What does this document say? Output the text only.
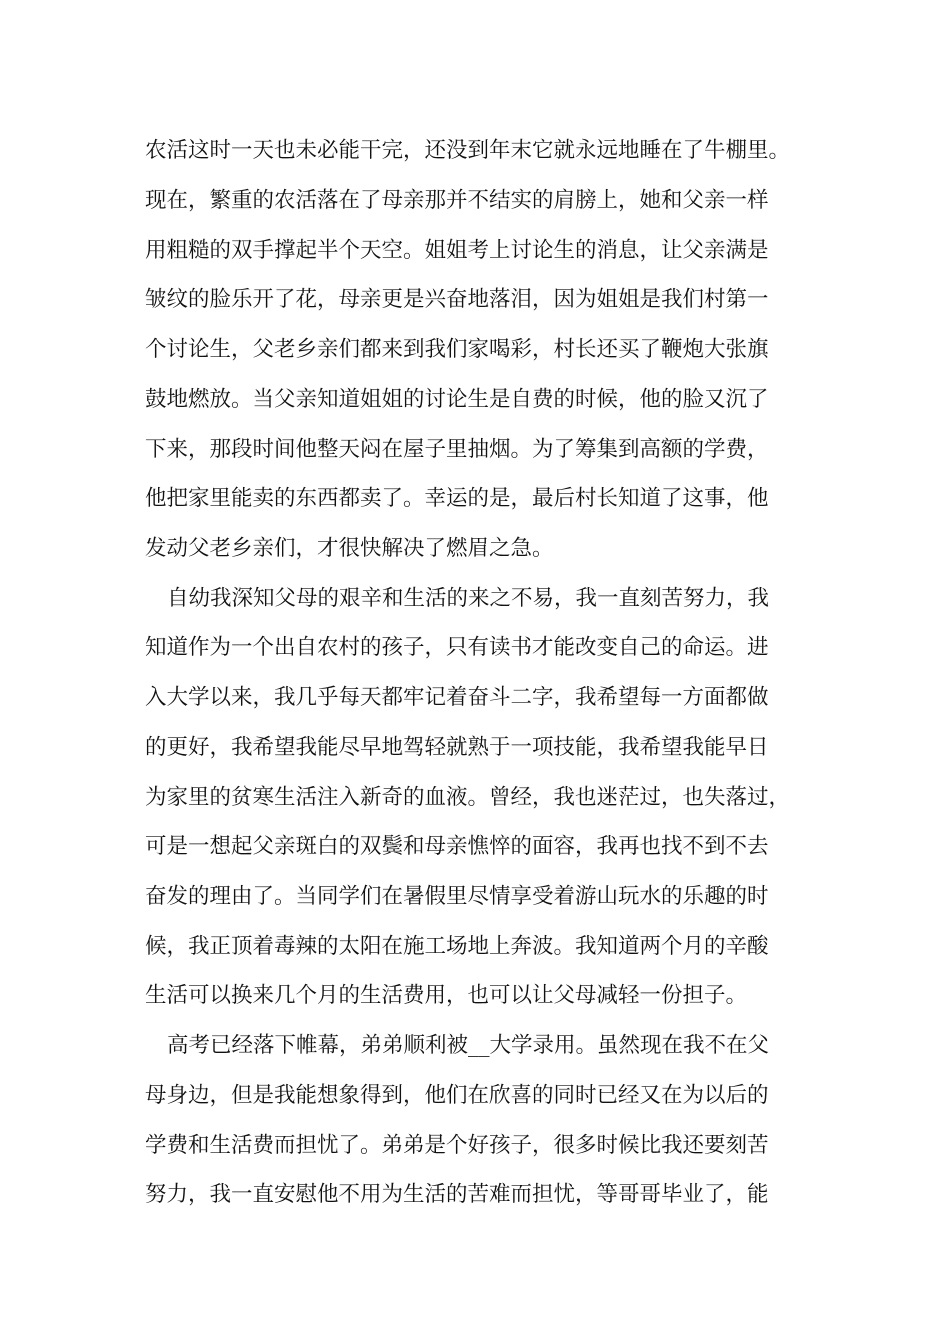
农活这时一天也未必能干完，还没到年末它就永远地睡在了牛棚里。
现在，繁重的农活落在了母亲那并不结实的肩膀上，她和父亲一样
用粗糙的双手撑起半个天空。姐姐考上讨论生的消息，让父亲满是
皱纹的脸乐开了花，母亲更是兴奋地落泪，因为姐姐是我们村第一
个讨论生，父老乡亲们都来到我们家喝彩，村长还买了鞭炮大张旗
鼓地燃放。当父亲知道姐姐的讨论生是自费的时候，他的脸又沉了
下来，那段时间他整天闷在屋子里抽烟。为了筹集到高额的学费，
他把家里能卖的东西都卖了。幸运的是，最后村长知道了这事，他
发动父老乡亲们，才很快解决了燃眉之急。
自幼我深知父母的艰辛和生活的来之不易，我一直刻苦努力，我
知道作为一个出自农村的孩子，只有读书才能改变自己的命运。进
入大学以来，我几乎每天都牢记着奋斗二字，我希望每一方面都做
的更好，我希望我能尽早地驾轻就熟于一项技能，我希望我能早日
为家里的贫寒生活注入新奇的血液。曾经，我也迷茫过，也失落过，
可是一想起父亲斑白的双鬓和母亲憔悴的面容，我再也找不到不去
奋发的理由了。当同学们在暑假里尽情享受着游山玩水的乐趣的时
候，我正顶着毒辣的太阳在施工场地上奔波。我知道两个月的辛酸
生活可以换来几个月的生活费用，也可以让父母减轻一份担子。
高考已经落下帷幕，弟弟顺利被__大学录用。虽然现在我不在父
母身边，但是我能想象得到，他们在欣喜的同时已经又在为以后的
学费和生活费而担忧了。弟弟是个好孩子，很多时候比我还要刻苦
努力，我一直安慰他不用为生活的苦难而担忧，等哥哥毕业了，能
